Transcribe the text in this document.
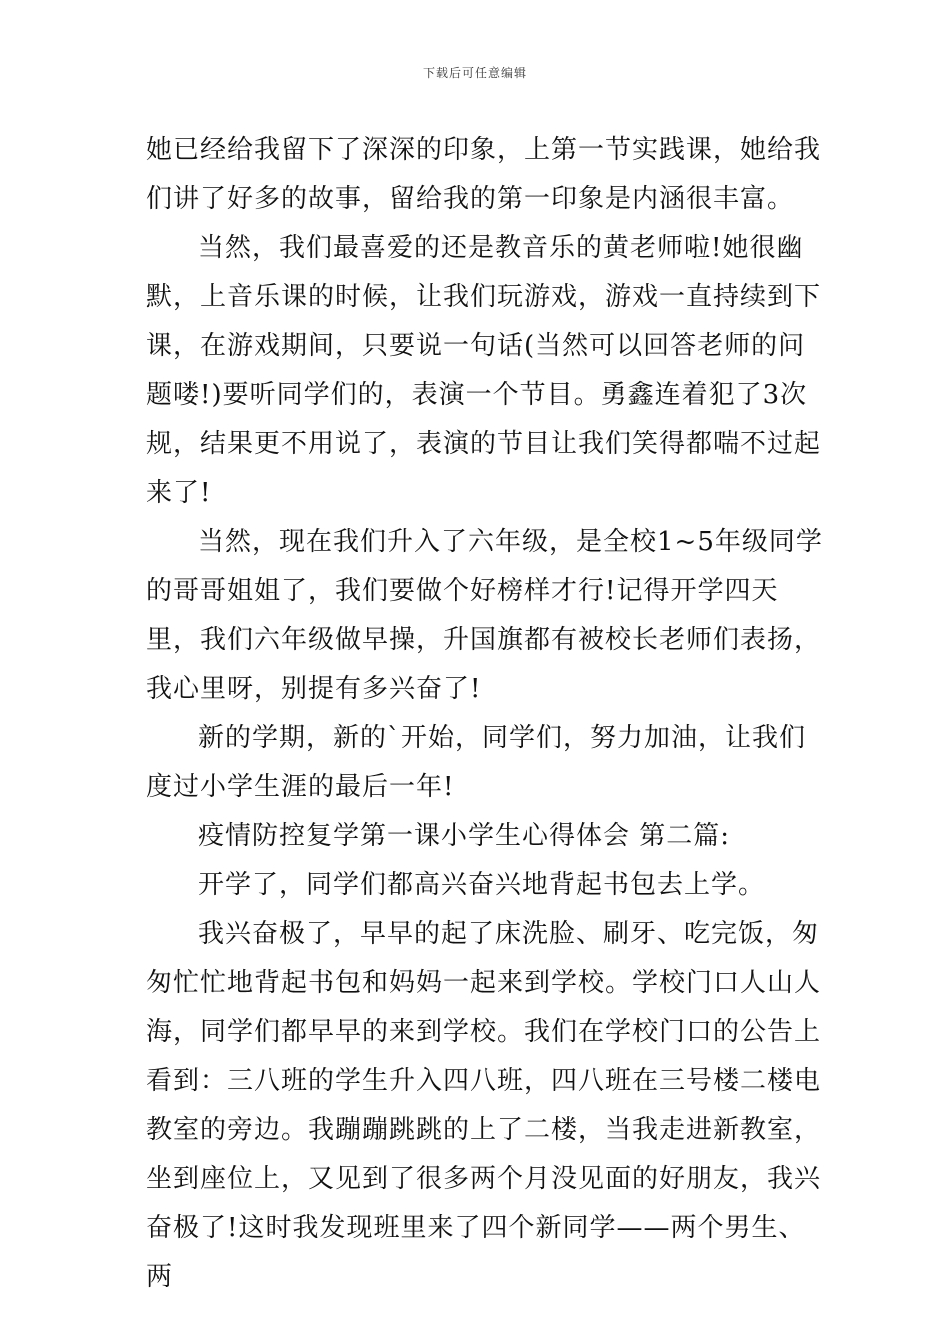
下载后可任意编辑

她已经给我留下了深深的印象，上第一节实践课，她给我们讲了好多的故事，留给我的第一印象是内涵很丰富。

当然，我们最喜爱的还是教音乐的黄老师啦!她很幽默，上音乐课的时候，让我们玩游戏，游戏一直持续到下课，在游戏期间，只要说一句话(当然可以回答老师的问题喽!)要听同学们的，表演一个节目。勇鑫连着犯了3次规，结果更不用说了，表演的节目让我们笑得都喘不过起来了!

当然，现在我们升入了六年级，是全校1~5年级同学的哥哥姐姐了，我们要做个好榜样才行!记得开学四天里，我们六年级做早操，升国旗都有被校长老师们表扬，我心里呀，别提有多兴奋了!

新的学期，新的`开始，同学们，努力加油，让我们度过小学生涯的最后一年!

疫情防控复学第一课小学生心得体会 第二篇:

开学了，同学们都高兴奋兴地背起书包去上学。

我兴奋极了，早早的起了床洗脸、刷牙、吃完饭，匆匆忙忙地背起书包和妈妈一起来到学校。学校门口人山人海，同学们都早早的来到学校。我们在学校门口的公告上看到：三八班的学生升入四八班，四八班在三号楼二楼电教室的旁边。我蹦蹦跳跳的上了二楼，当我走进新教室，坐到座位上，又见到了很多两个月没见面的好朋友，我兴奋极了!这时我发现班里来了四个新同学——两个男生、两
